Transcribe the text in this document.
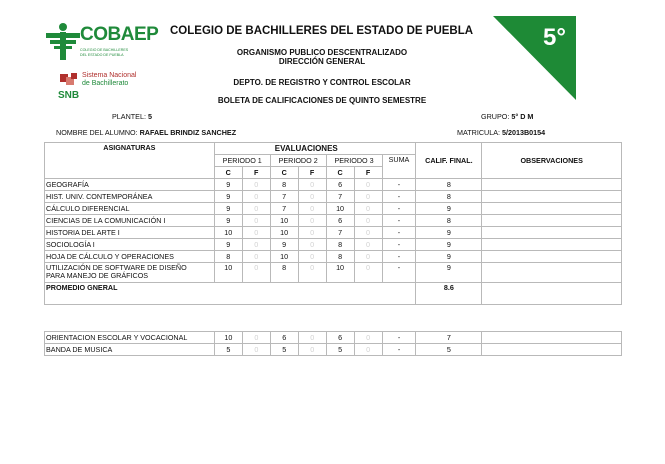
COBAEP
COLEGIO DE BACHILLERES
DEL ESTADO DE PUEBLA
Sistema Nacional
de Bachillerato
SNB
5°
COLEGIO DE BACHILLERES DEL ESTADO DE PUEBLA
ORGANISMO PUBLICO DESCENTRALIZADO
DIRECCIÓN GENERAL
DEPTO. DE REGISTRO Y CONTROL ESCOLAR
BOLETA DE CALIFICACIONES DE QUINTO SEMESTRE
PLANTEL: 5	GRUPO: 5° D M
NOMBRE DEL ALUMNO: RAFAEL BRINDIZ SANCHEZ	MATRICULA: 5/2013B0154
ASIGNATURAS	EVALUACIONES							CALIF. FINAL.	OBSERVACIONES
	PERIODO 1		PERIODO 2		PERIODO 3		SUMA		
	C	F	C	F	C	F			
GEOGRAFÍA	9	0	8	0	6	0	-	8	
HIST. UNIV. CONTEMPORÁNEA	9	0	7	0	7	0	-	8	
CÁLCULO DIFERENCIAL	9	0	7	0	10	0	-	9	
CIENCIAS DE LA COMUNICACIÓN I	9	0	10	0	6	0	-	8	
HISTORIA DEL ARTE I	10	0	10	0	7	0	-	9	
SOCIOLOGÍA I	9	0	9	0	8	0	-	9	
HOJA DE CÁLCULO Y OPERACIONES	8	0	10	0	8	0	-	9	

UTILIZACIÓN DE SOFTWARE DE DISEÑO
PARA MANEJO DE GRÁFICOS	10	0	8	0	10	0	-	9	
PROMEDIO GNERAL								8.6	
ORIENTACION ESCOLAR Y VOCACIONAL	10	0	6	0	6	0	-	7	
BANDA DE MUSICA	5	0	5	0	5	0	-	5	
